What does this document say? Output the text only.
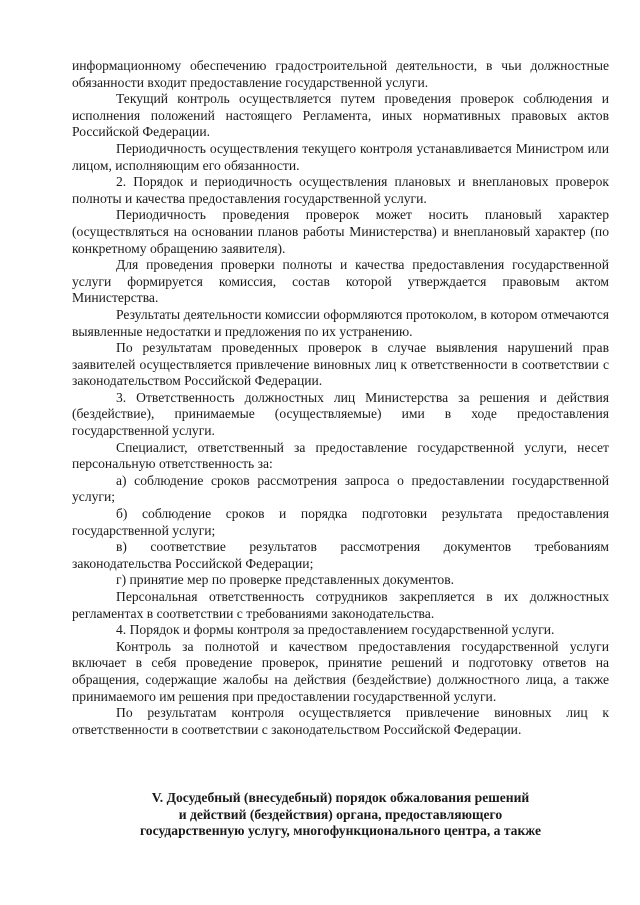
информационному обеспечению градостроительной деятельности, в чьи должностные обязанности входит предоставление государственной услуги.

Текущий контроль осуществляется путем проведения проверок соблюдения и исполнения положений настоящего Регламента, иных нормативных правовых актов Российской Федерации.

Периодичность осуществления текущего контроля устанавливается Министром или лицом, исполняющим его обязанности.

2. Порядок и периодичность осуществления плановых и внеплановых проверок полноты и качества предоставления государственной услуги.

Периодичность проведения проверок может носить плановый характер (осуществляться на основании планов работы Министерства) и внеплановый характер (по конкретному обращению заявителя).

Для проведения проверки полноты и качества предоставления государственной услуги формируется комиссия, состав которой утверждается правовым актом Министерства.

Результаты деятельности комиссии оформляются протоколом, в котором отмечаются выявленные недостатки и предложения по их устранению.

По результатам проведенных проверок в случае выявления нарушений прав заявителей осуществляется привлечение виновных лиц к ответственности в соответствии с законодательством Российской Федерации.

3. Ответственность должностных лиц Министерства за решения и действия (бездействие), принимаемые (осуществляемые) ими в ходе предоставления государственной услуги.

Специалист, ответственный за предоставление государственной услуги, несет персональную ответственность за:

а) соблюдение сроков рассмотрения запроса о предоставлении государственной услуги;

б) соблюдение сроков и порядка подготовки результата предоставления государственной услуги;

в) соответствие результатов рассмотрения документов требованиям законодательства Российской Федерации;

г) принятие мер по проверке представленных документов.

Персональная ответственность сотрудников закрепляется в их должностных регламентах в соответствии с требованиями законодательства.

4. Порядок и формы контроля за предоставлением государственной услуги.

Контроль за полнотой и качеством предоставления государственной услуги включает в себя проведение проверок, принятие решений и подготовку ответов на обращения, содержащие жалобы на действия (бездействие) должностного лица, а также принимаемого им решения при предоставлении государственной услуги.

По результатам контроля осуществляется привлечение виновных лиц к ответственности в соответствии с законодательством Российской Федерации.

V. Досудебный (внесудебный) порядок обжалования решений
и действий (бездействия) органа, предоставляющего
государственную услугу, многофункционального центра, а также
